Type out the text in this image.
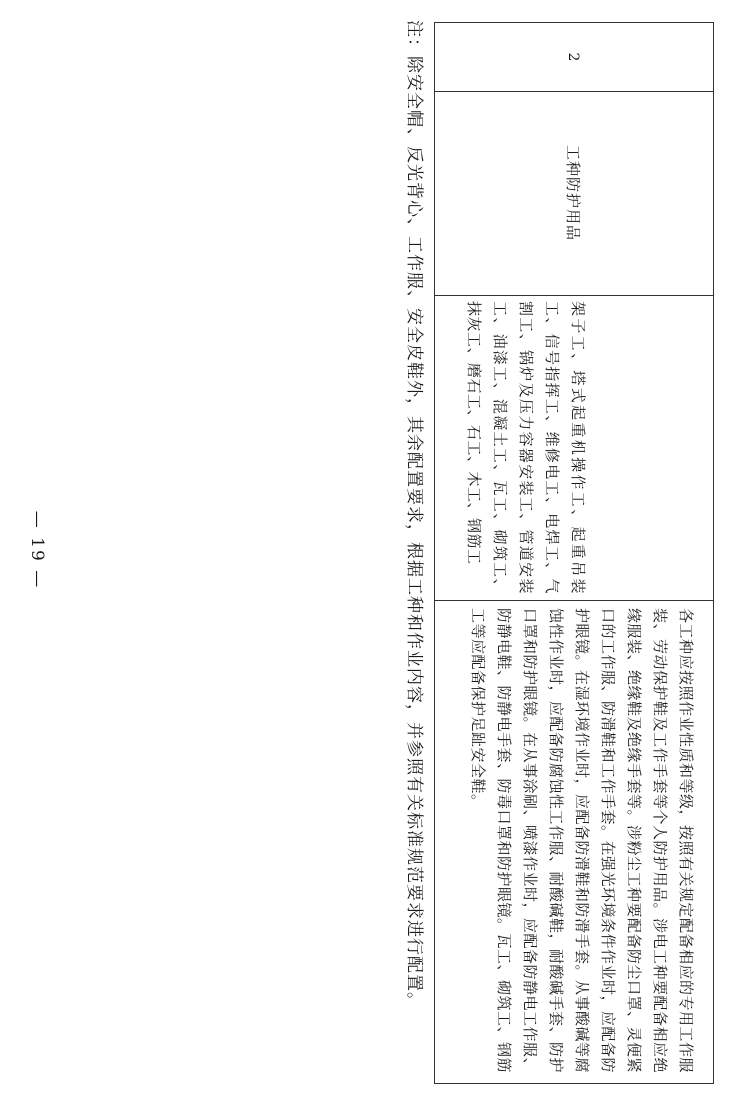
2
工种防护用品
架子工、塔式起重机操作工、起重吊装工、信号指挥工、维修电工、电焊工、气割工、锅炉及压力容器安装工、管道安装工、油漆工、混凝土工、瓦工、砌筑工、抹灰工、磨石工、石工、木工、钢筋工
各工种应按照作业性质和等级，按照有关规定配备相应的专用工作服装、劳动保护鞋及工作手套等个人防护用品。涉电工种要配备相应绝缘服装、绝缘鞋及绝缘手套等。涉粉尘工种要配备防尘口罩、灵便紧口的工作服、防滑鞋和工作手套。在强光环境条件作业时，应配备防护眼镜。在湿环境作业时，应配备防滑鞋和防滑手套。从事酸碱等腐蚀性作业时，应配备防腐蚀性工作服、耐酸碱鞋，耐酸碱手套、防护口罩和防护眼镜。在从事涂刷、喷漆作业时，应配备防静电工作服、防静电鞋、防静电手套、防毒口罩和防护眼镜。瓦工、砌筑工、钢筋工等应配备保护足趾安全鞋。
注：除安全帽、反光背心、工作服、安全皮鞋外，其余配置要求，根据工种和作业内容，并参照有关标准规范要求进行配置。
— 19 —
